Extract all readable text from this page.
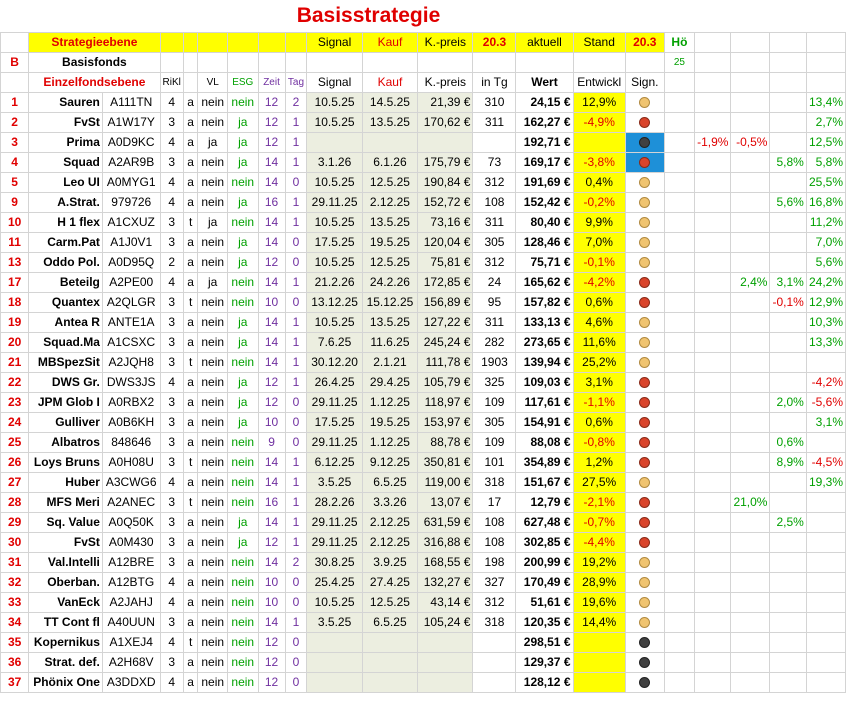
Basisstrategie
	Strategieebene								Signal	Kauf	K.-preis	20.3	aktuell	Stand	20.3	Hö				
B	Basisfonds															25				
	Einzelfondsebene		RiKl		VL	ESG	Zeit	Tag	Signal	Kauf	K.-preis	in Tg	Wert	Entwickl	Sign.					
1	Sauren	A111TN	4	a	nein	nein	12	2	10.5.25	14.5.25	21,39 €	310	24,15 €	12,9%						13,4%
2	FvSt	A1W17Y	3	a	nein	ja	12	1	10.5.25	13.5.25	170,62 €	311	162,27 €	-4,9%						2,7%
3	Prima	A0D9KC	4	a	ja	ja	12	1					192,71 €				-1,9%	-0,5%		12,5%
4	Squad	A2AR9B	3	a	nein	ja	14	1	3.1.26	6.1.26	175,79 €	73	169,17 €	-3,8%					5,8%	5,8%
5	Leo UI	A0MYG1	4	a	nein	nein	14	0	10.5.25	12.5.25	190,84 €	312	191,69 €	0,4%						25,5%
9	A.Strat.	979726	4	a	nein	ja	16	1	29.11.25	2.12.25	152,72 €	108	152,42 €	-0,2%					5,6%	16,8%
10	H 1 flex	A1CXUZ	3	t	ja	nein	14	1	10.5.25	13.5.25	73,16 €	311	80,40 €	9,9%						11,2%
11	Carm.Pat	A1J0V1	3	a	nein	ja	14	0	17.5.25	19.5.25	120,04 €	305	128,46 €	7,0%						7,0%
13	Oddo Pol.	A0D95Q	2	a	nein	ja	12	0	10.5.25	12.5.25	75,81 €	312	75,71 €	-0,1%						5,6%
17	Beteilg	A2PE00	4	a	ja	nein	14	1	21.2.26	24.2.26	172,85 €	24	165,62 €	-4,2%				2,4%	3,1%	24,2%
18	Quantex	A2QLGR	3	t	nein	nein	10	0	13.12.25	15.12.25	156,89 €	95	157,82 €	0,6%					-0,1%	12,9%
19	Antea R	ANTE1A	3	a	nein	ja	14	1	10.5.25	13.5.25	127,22 €	311	133,13 €	4,6%						10,3%
20	Squad.Ma	A1CSXC	3	a	nein	ja	14	1	7.6.25	11.6.25	245,24 €	282	273,65 €	11,6%						13,3%
21	MBSpezSit	A2JQH8	3	t	nein	nein	14	1	30.12.20	2.1.21	111,78 €	1903	139,94 €	25,2%						
22	DWS Gr.	DWS3JS	4	a	nein	ja	12	1	26.4.25	29.4.25	105,79 €	325	109,03 €	3,1%						-4,2%
23	JPM Glob I	A0RBX2	3	a	nein	ja	12	0	29.11.25	1.12.25	118,97 €	109	117,61 €	-1,1%					2,0%	-5,6%
24	Gulliver	A0B6KH	3	a	nein	ja	10	0	17.5.25	19.5.25	153,97 €	305	154,91 €	0,6%						3,1%
25	Albatros	848646	3	a	nein	nein	9	0	29.11.25	1.12.25	88,78 €	109	88,08 €	-0,8%					0,6%	
26	Loys Bruns	A0H08U	3	t	nein	nein	14	1	6.12.25	9.12.25	350,81 €	101	354,89 €	1,2%					8,9%	-4,5%
27	Huber	A3CWG6	4	a	nein	nein	14	1	3.5.25	6.5.25	119,00 €	318	151,67 €	27,5%						19,3%
28	MFS Meri	A2ANEC	3	t	nein	nein	16	1	28.2.26	3.3.26	13,07 €	17	12,79 €	-2,1%				21,0%		
29	Sq. Value	A0Q50K	3	a	nein	ja	14	1	29.11.25	2.12.25	631,59 €	108	627,48 €	-0,7%					2,5%	
30	FvSt	A0M430	3	a	nein	ja	12	1	29.11.25	2.12.25	316,88 €	108	302,85 €	-4,4%						
31	Val.Intelli	A12BRE	3	a	nein	nein	14	2	30.8.25	3.9.25	168,55 €	198	200,99 €	19,2%						
32	Oberban.	A12BTG	4	a	nein	nein	10	0	25.4.25	27.4.25	132,27 €	327	170,49 €	28,9%						
33	VanEck	A2JAHJ	4	a	nein	nein	10	0	10.5.25	12.5.25	43,14 €	312	51,61 €	19,6%						
34	TT Cont fl	A40UUN	3	a	nein	nein	14	1	3.5.25	6.5.25	105,24 €	318	120,35 €	14,4%						
35	Kopernikus	A1XEJ4	4	t	nein	nein	12	0					298,51 €							
36	Strat. def.	A2H68V	3	a	nein	nein	12	0					129,37 €							
37	Phönix One	A3DDXD	4	a	nein	nein	12	0					128,12 €							
